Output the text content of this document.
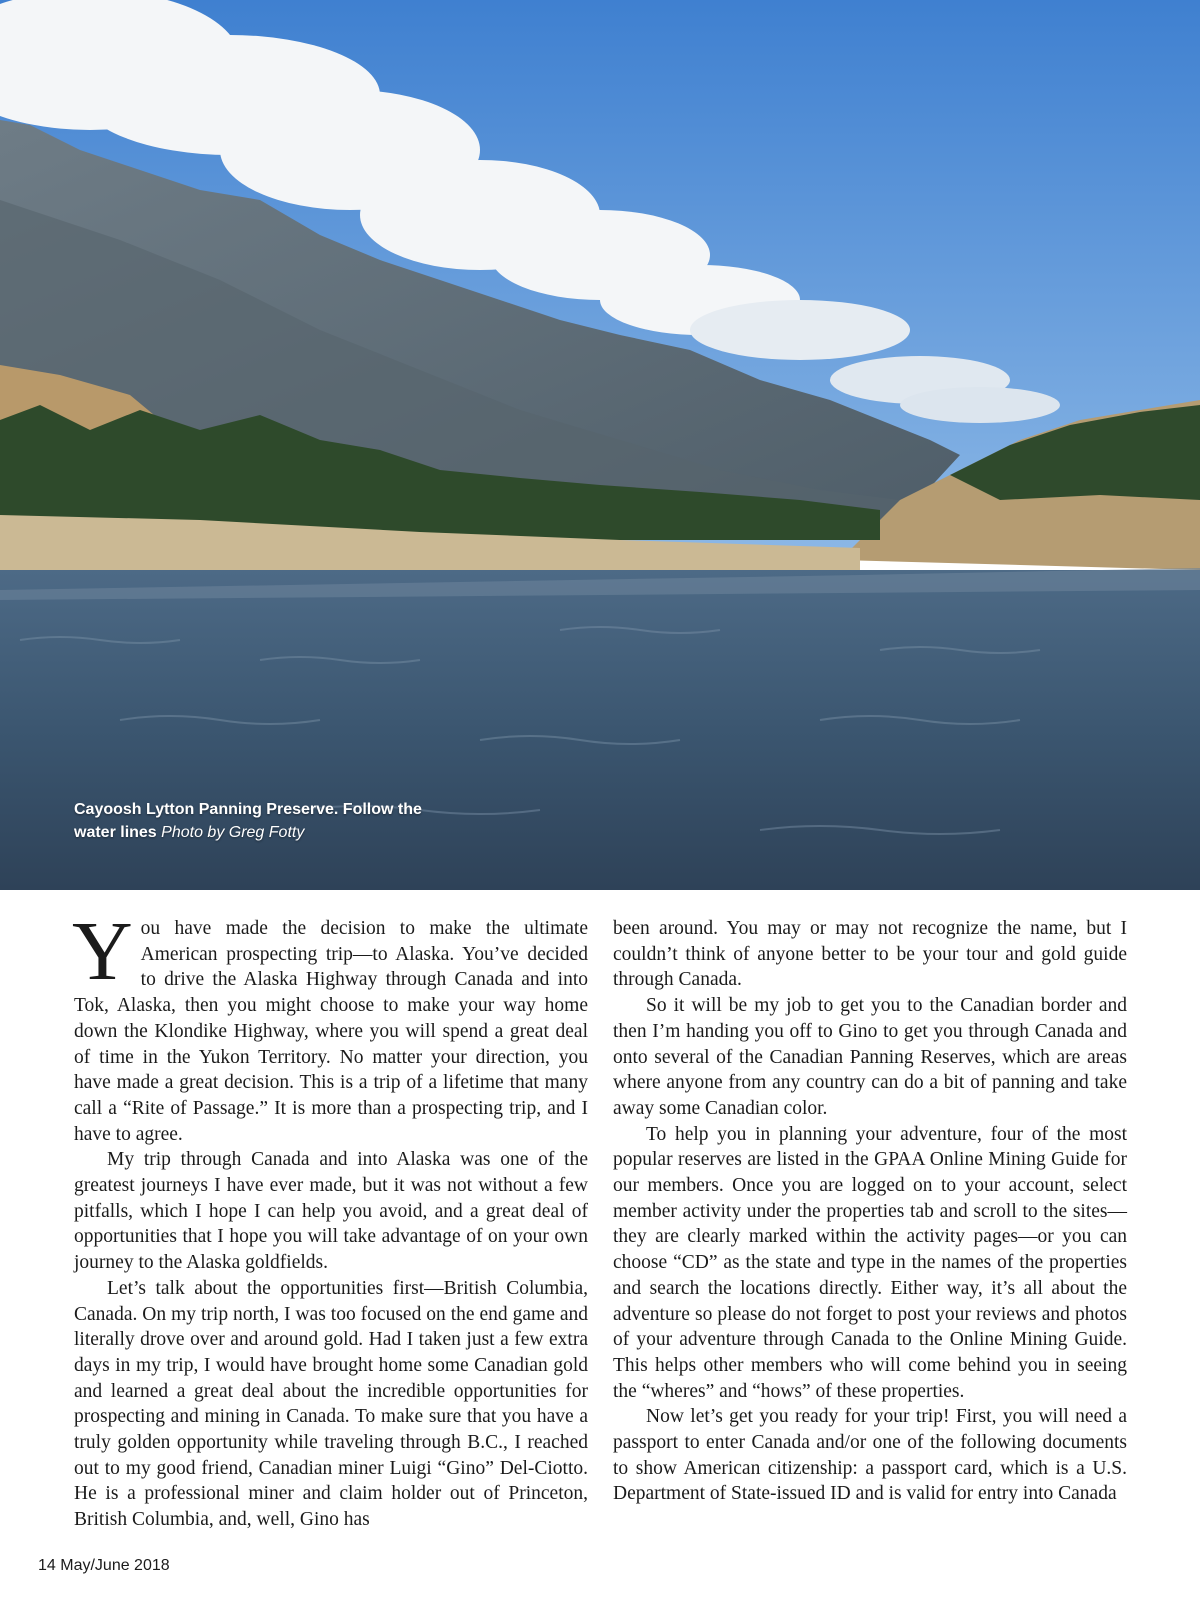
Cayoosh Lytton Panning Preserve. Follow the water lines Photo by Greg Fotty

You have made the decision to make the ultimate American prospecting trip—to Alaska. You’ve decided to drive the Alaska Highway through Canada and into Tok, Alaska, then you might choose to make your way home down the Klondike Highway, where you will spend a great deal of time in the Yukon Territory. No matter your direction, you have made a great decision. This is a trip of a lifetime that many call a “Rite of Passage.” It is more than a prospecting trip, and I have to agree.

My trip through Canada and into Alaska was one of the greatest journeys I have ever made, but it was not without a few pitfalls, which I hope I can help you avoid, and a great deal of opportunities that I hope you will take advantage of on your own journey to the Alaska goldfields.

Let’s talk about the opportunities first—British Columbia, Canada. On my trip north, I was too focused on the end game and literally drove over and around gold. Had I taken just a few extra days in my trip, I would have brought home some Canadian gold and learned a great deal about the incredible opportunities for prospecting and mining in Canada. To make sure that you have a truly golden opportunity while traveling through B.C., I reached out to my good friend, Canadian miner Luigi “Gino” Del-Ciotto. He is a professional miner and claim holder out of Princeton, British Columbia, and, well, Gino has

been around. You may or may not recognize the name, but I couldn’t think of anyone better to be your tour and gold guide through Canada.

So it will be my job to get you to the Canadian border and then I’m handing you off to Gino to get you through Canada and onto several of the Canadian Panning Reserves, which are areas where anyone from any country can do a bit of panning and take away some Canadian color.

To help you in planning your adventure, four of the most popular reserves are listed in the GPAA Online Mining Guide for our members. Once you are logged on to your account, select member activity under the properties tab and scroll to the sites—they are clearly marked within the activity pages—or you can choose “CD” as the state and type in the names of the properties and search the locations directly. Either way, it’s all about the adventure so please do not forget to post your reviews and photos of your adventure through Canada to the Online Mining Guide. This helps other members who will come behind you in seeing the “wheres” and “hows” of these properties.

Now let’s get you ready for your trip! First, you will need a passport to enter Canada and/or one of the following documents to show American citizenship: a passport card, which is a U.S. Department of State-issued ID and is valid for entry into Canada

14 May/June 2018
